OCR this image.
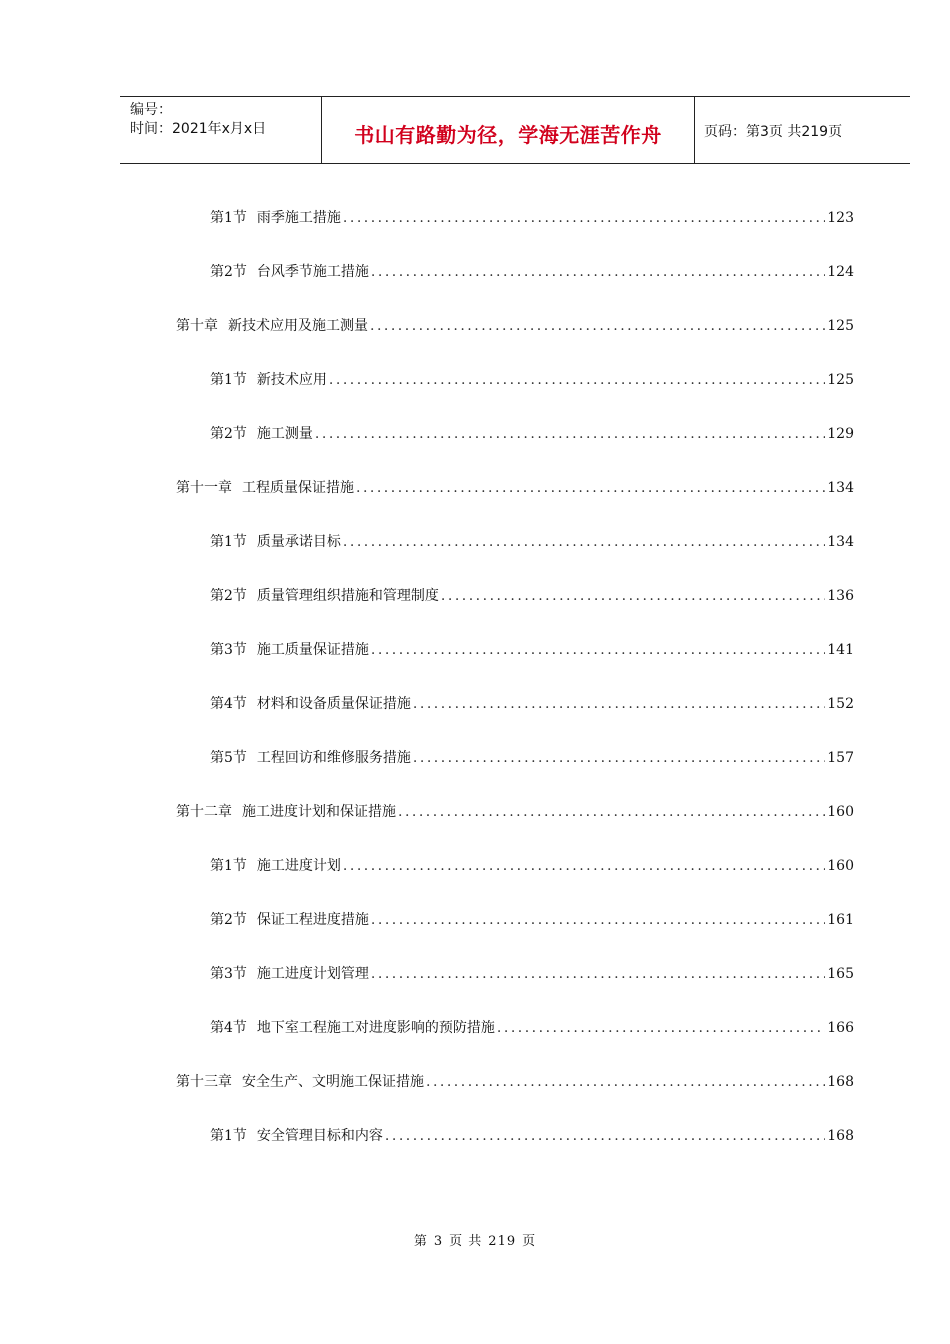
编号：
时间：2021年x月x日	书山有路勤为径，学海无涯苦作舟	页码：第3页 共219页
第1节 雨季施工措施 .....	123
第2节 台风季节施工措施 .....	124
第十章 新技术应用及施工测量 .....	125
第1节 新技术应用 .....	125
第2节 施工测量 .....	129
第十一章 工程质量保证措施 .....	134
第1节 质量承诺目标 .....	134
第2节 质量管理组织措施和管理制度 .....	136
第3节 施工质量保证措施 .....	141
第4节 材料和设备质量保证措施 .....	152
第5节 工程回访和维修服务措施 .....	157
第十二章 施工进度计划和保证措施 .....	160
第1节 施工进度计划 .....	160
第2节 保证工程进度措施 .....	161
第3节 施工进度计划管理 .....	165
第4节 地下室工程施工对进度影响的预防措施 .....	166
第十三章 安全生产、文明施工保证措施 .....	168
第1节 安全管理目标和内容 .....	168
第 3 页 共 219 页
